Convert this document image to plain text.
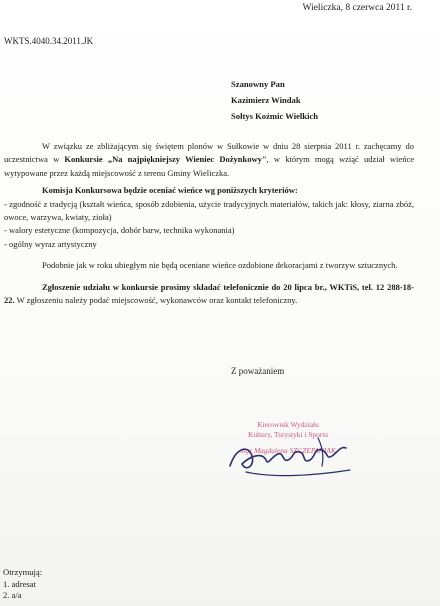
Wieliczka, 8 czerwca 2011 r.
WKTS.4040.34.2011.JK
Szanowny Pan
Kazimierz Windak
Sołtys Koźmic Wielkich

W związku ze zbliżającym się świętem plonów w Sułkowie w dniu 28 sierpnia 2011 r. zachęcamy do uczestnictwa w Konkursie „Na najpiękniejszy Wieniec Dożynkowy", w którym mogą wziąć udział wieńce wytypowane przez każdą miejscowość z terenu Gminy Wieliczka.

Komisja Konkursowa będzie oceniać wieńce wg poniższych kryteriów:

- zgodność z tradycją (kształt wieńca, sposób zdobienia, użycie tradycyjnych materiałów, takich jak: kłosy, ziarna zbóż, owoce, warzywa, kwiaty, zioła)

- walory estetyczne (kompozycja, dobór barw, technika wykonania)

- ogólny wyraz artystyczny

Podobnie jak w roku ubiegłym nie będą oceniane wieńce ozdobione dekoracjami z tworzyw sztucznych.

Zgłoszenie udziału w konkursie prosimy składać telefonicznie do 20 lipca br., WKTiS, tel. 12 288-18-22. W zgłoszeniu należy podać miejscowość, wykonawców oraz kontakt telefoniczny.

Z poważaniem
Kierownik Wydziału
Kultury, Turystyki i Sportu
mgr Magdalena SZCZEPANIAK
Otrzymują:
1. adresat
2. a/a
